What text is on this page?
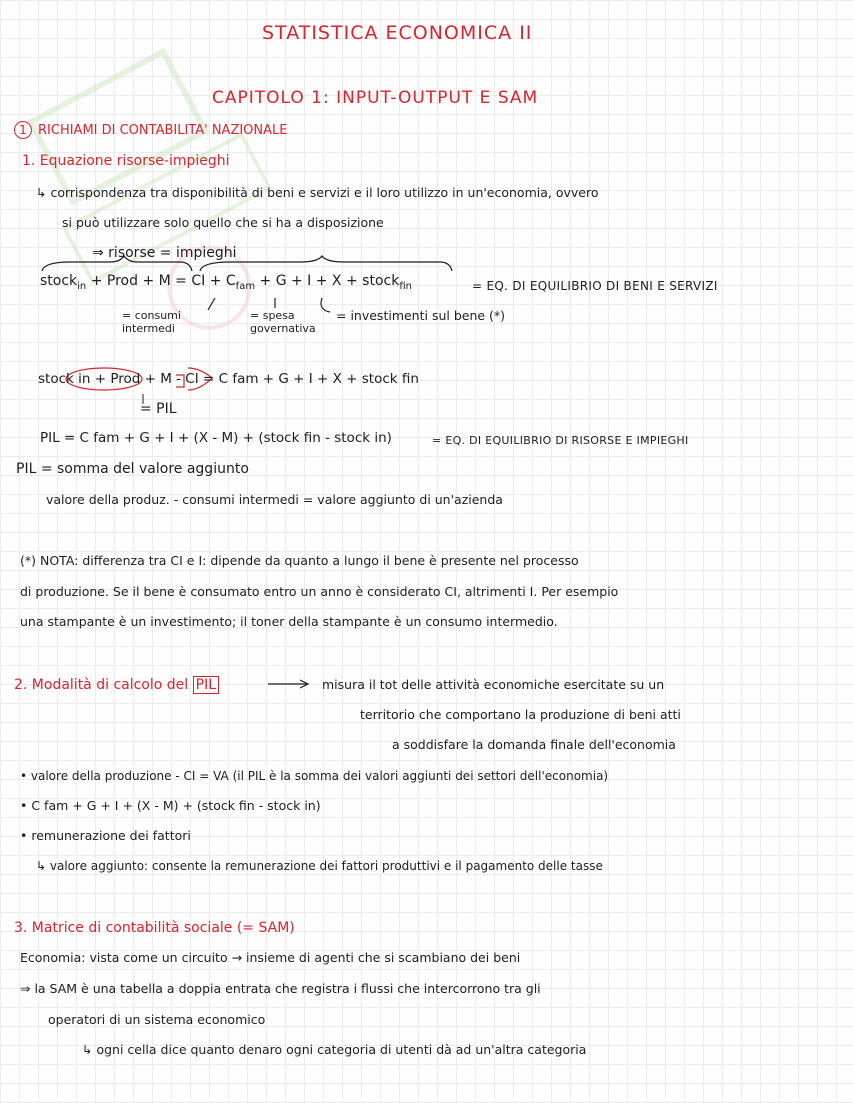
STATISTICA ECONOMICA II
CAPITOLO 1: INPUT-OUTPUT E SAM
1 RICHIAMI DI CONTABILITA' NAZIONALE
1. Equazione risorse-impieghi
↳ corrispondenza tra disponibilità di beni e servizi e il loro utilizzo in un'economia, ovvero
si può utilizzare solo quello che si ha a disposizione
⇒ risorse = impieghi
stock$_{in}$ + Prod + M = CI + $C_{fam} + G + I + X$ + stock$_{fin}$	= EQ. DI EQUILIBRIO DI BENI E SERVIZI
= consumi intermedi
= spesa governativa
= investimenti sul bene (*)
stock in + Prod + M - CI = C fam + G + I + X + stock fin
= PIL
PIL = C fam + G + I + (X - M) + (stock fin - stock in)	= EQ. DI EQUILIBRIO DI RISORSE E IMPIEGHI
PIL = somma del valore aggiunto
valore della produz. - consumi intermedi = valore aggiunto di un'azienda
(*) NOTA: differenza tra CI e I: dipende da quanto a lungo il bene è presente nel processo
di produzione. Se il bene è consumato entro un anno è considerato CI, altrimenti I. Per esempio
una stampante è un investimento; il toner della stampante è un consumo intermedio.
2. Modalità di calcolo del PIL	misura il tot delle attività economiche esercitate su un
territorio che comportano la produzione di beni atti
a soddisfare la domanda finale dell'economia
• valore della produzione - CI = VA (il PIL è la somma dei valori aggiunti dei settori dell'economia)
• C fam + G + I + (X - M) + (stock fin - stock in)
• remunerazione dei fattori
↳ valore aggiunto: consente la remunerazione dei fattori produttivi e il pagamento delle tasse
3. Matrice di contabilità sociale (= SAM)
Economia: vista come un circuito → insieme di agenti che si scambiano dei beni
⇒ la SAM è una tabella a doppia entrata che registra i flussi che intercorrono tra gli
operatori di un sistema economico
↳ ogni cella dice quanto denaro ogni categoria di utenti dà ad un'altra categoria
